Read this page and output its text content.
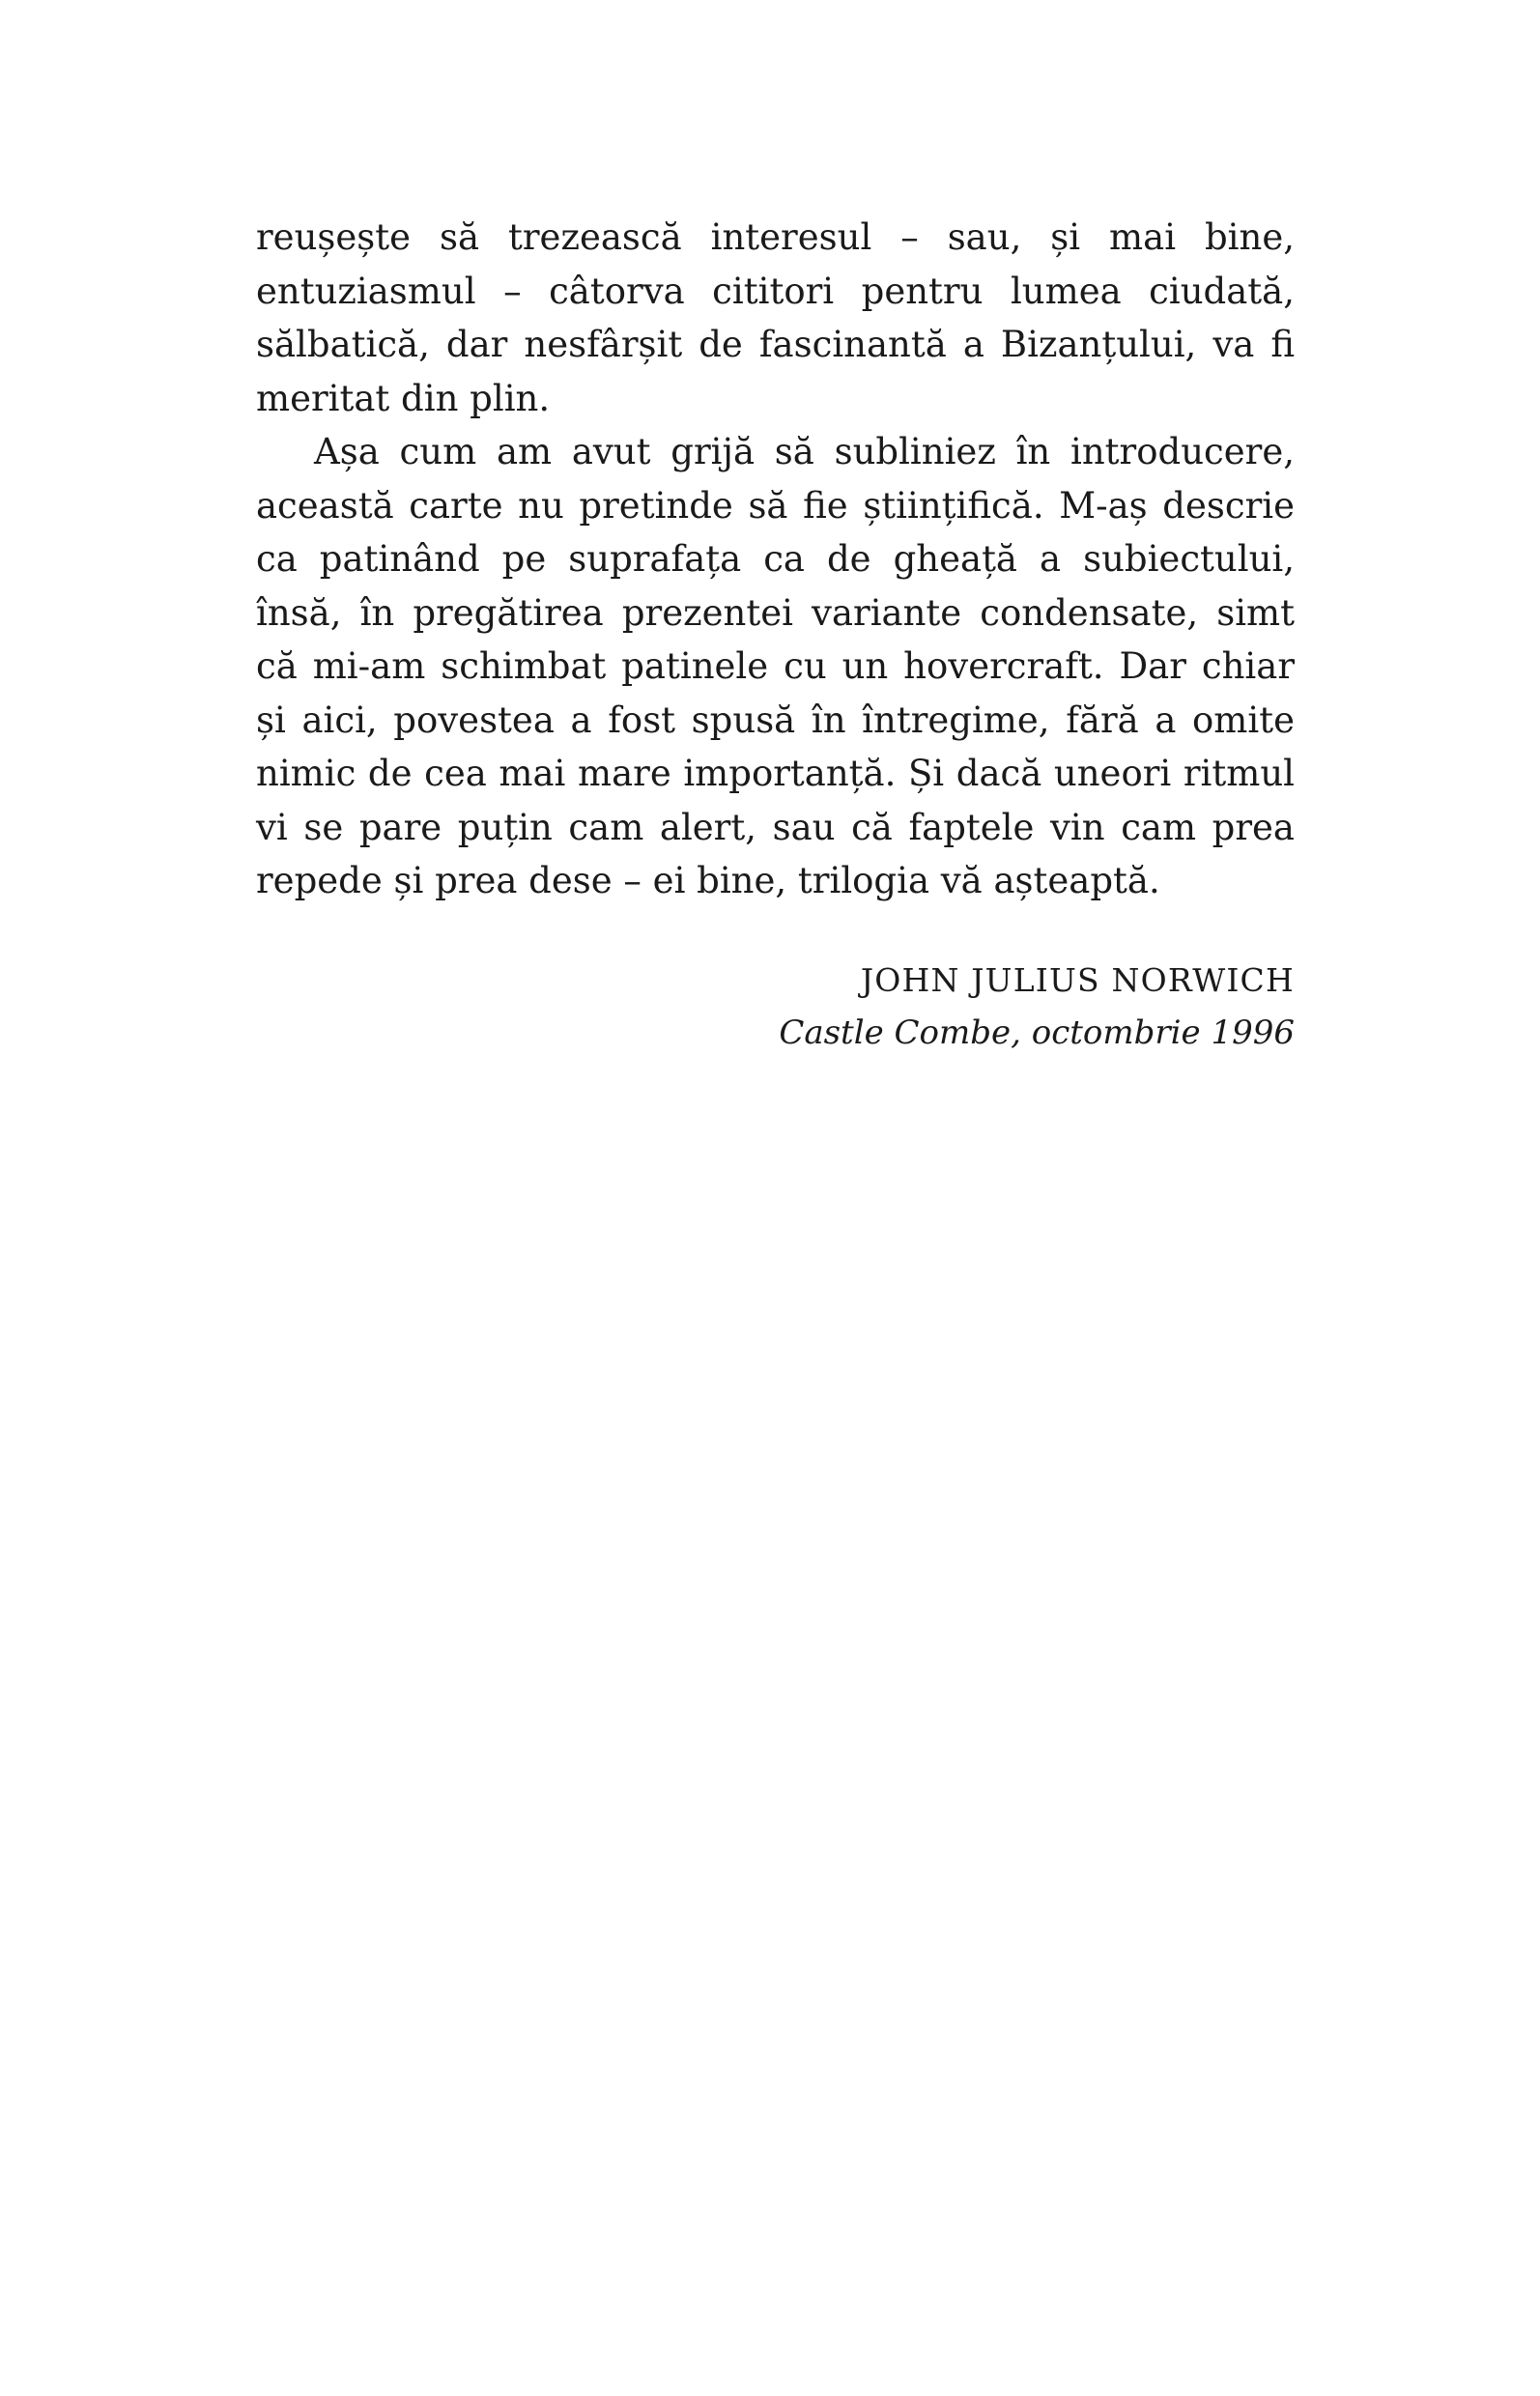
reușește să trezească interesul – sau, și mai bine, entuziasmul – câtorva cititori pentru lumea ciudată, sălbatică, dar nesfârșit de fascinantă a Bizanțului, va fi meritat din plin.

Așa cum am avut grijă să subliniez în introducere, această carte nu pretinde să fie științifică. M-aș descrie ca patinând pe suprafața ca de gheață a subiectului, însă, în pregătirea prezentei variante condensate, simt că mi-am schimbat patinele cu un hovercraft. Dar chiar și aici, povestea a fost spusă în întregime, fără a omite nimic de cea mai mare importanță. Și dacă uneori ritmul vi se pare puțin cam alert, sau că faptele vin cam prea repede și prea dese – ei bine, trilogia vă așteaptă.

JOHN JULIUS NORWICH
Castle Combe, octombrie 1996
